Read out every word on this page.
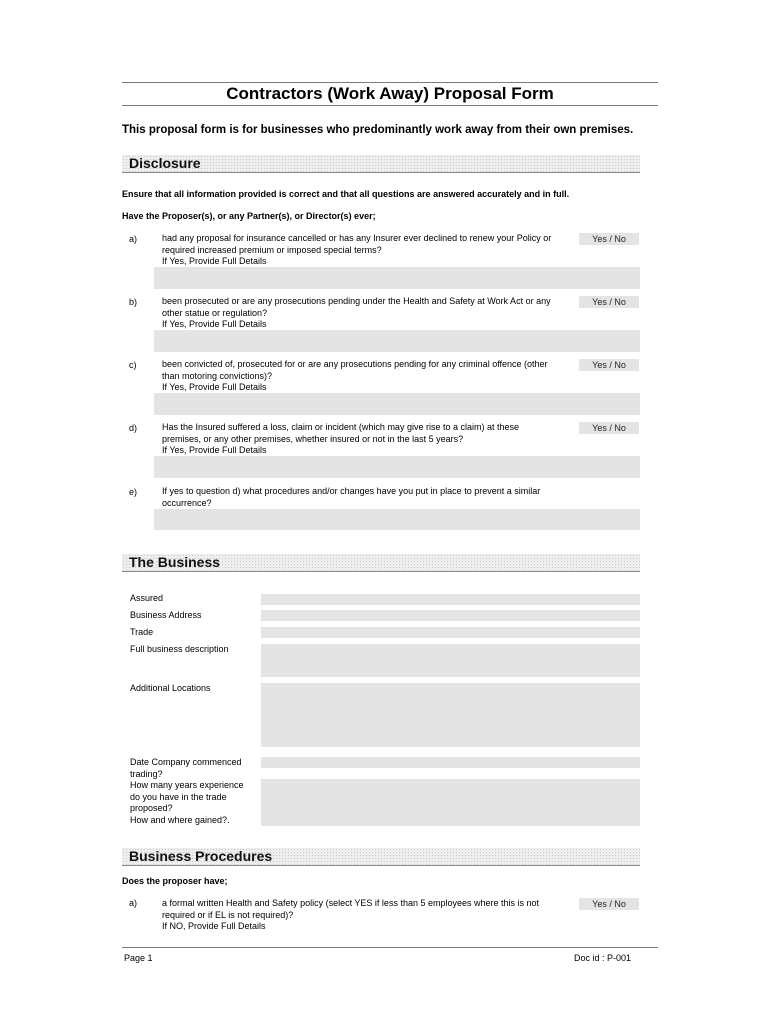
Contractors (Work Away) Proposal Form
This proposal form is for businesses who predominantly work away from their own premises.
Disclosure
Ensure that all information provided is correct and that all questions are answered accurately and in full.
Have the Proposer(s), or any Partner(s), or Director(s) ever;
a)	had any proposal for insurance cancelled or has any Insurer ever declined to renew your Policy or
required increased premium or imposed special terms?
If Yes, Provide Full Details
Yes / No
b)	been prosecuted or are any prosecutions pending under the Health and Safety at Work Act or any
other statue or regulation?
If Yes, Provide Full Details
Yes / No
c)	been convicted of, prosecuted for or are any prosecutions pending for any criminal offence (other
than motoring convictions)?
If Yes, Provide Full Details
Yes / No
d)	Has the Insured suffered a loss, claim or incident (which may give rise to a claim) at these
premises, or any other premises, whether insured or not in the last 5 years?
If Yes, Provide Full Details
Yes / No
e)	If yes to question d) what procedures and/or changes have you put in place to prevent a similar
occurrence?
The Business
Assured
Business Address
Trade
Full business description
Additional Locations
Date Company commenced
trading?
How many years experience
do you have in the trade
proposed?
How and where gained?.
Business Procedures
Does the proposer have;
a)	a formal written Health and Safety policy (select YES if less than 5 employees where this is not
required or if EL is not required)?
If NO, Provide Full Details
Yes / No
Page 1	Doc id : P-001
